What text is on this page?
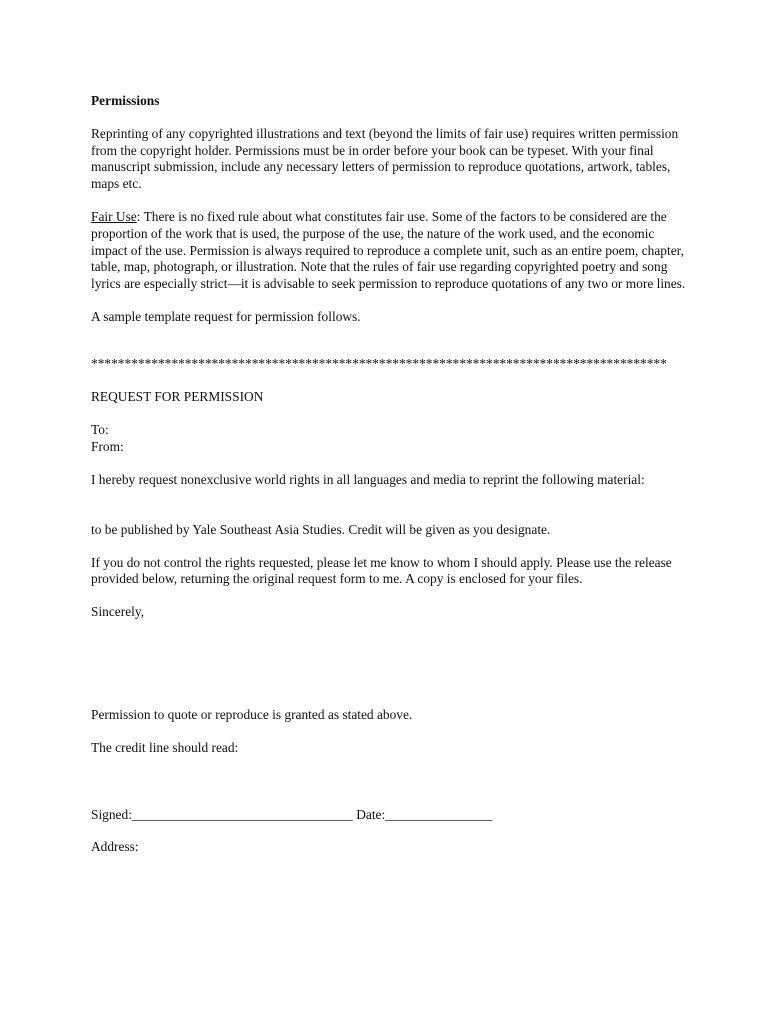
Permissions

Reprinting of any copyrighted illustrations and text (beyond the limits of fair use) requires written permission from the copyright holder. Permissions must be in order before your book can be typeset. With your final manuscript submission, include any necessary letters of permission to reproduce quotations, artwork, tables, maps etc.

Fair Use: There is no fixed rule about what constitutes fair use. Some of the factors to be considered are the proportion of the work that is used, the purpose of the use, the nature of the work used, and the economic impact of the use. Permission is always required to reproduce a complete unit, such as an entire poem, chapter, table, map, photograph, or illustration. Note that the rules of fair use regarding copyrighted poetry and song lyrics are especially strict—it is advisable to seek permission to reproduce quotations of any two or more lines.

A sample template request for permission follows.

**************************************************************************************

REQUEST FOR PERMISSION

To:

From:

I hereby request nonexclusive world rights in all languages and media to reprint the following material:

to be published by Yale Southeast Asia Studies. Credit will be given as you designate.

If you do not control the rights requested, please let me know to whom I should apply. Please use the release provided below, returning the original request form to me. A copy is enclosed for your files.

Sincerely,

Permission to quote or reproduce is granted as stated above.

The credit line should read:

Signed:_________________________________ Date:________________

Address:
